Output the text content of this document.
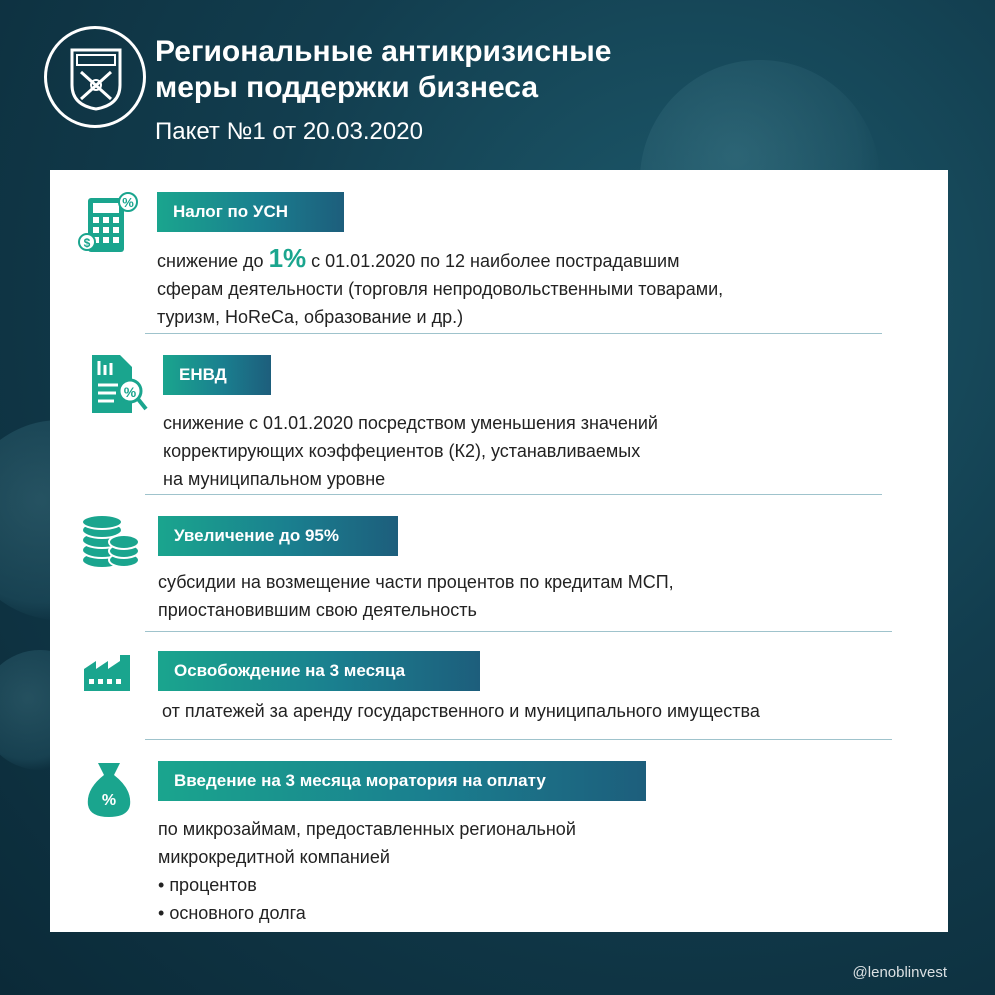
Региональные антикризисные
меры поддержки бизнеса
Пакет №1 от 20.03.2020
%
$
Налог по УСН
снижение до 1% с 01.01.2020 по 12 наиболее пострадавшим
сферам деятельности (торговля непродовольственными товарами,
туризм, HoReCa, образование и др.)
%
ЕНВД
снижение с 01.01.2020 посредством уменьшения значений
корректирующих коэффециентов (К2), устанавливаемых
на муниципальном уровне
Увеличение до 95%
субсидии на возмещение части процентов по кредитам МСП,
приостановившим свою деятельность
Освобождение на 3 месяца
от платежей за аренду государственного и муниципального имущества
%
Введение на 3 месяца моратория на оплату
по микрозаймам, предоставленных региональной
микрокредитной компанией
• процентов
• основного долга
@lenoblinvest
